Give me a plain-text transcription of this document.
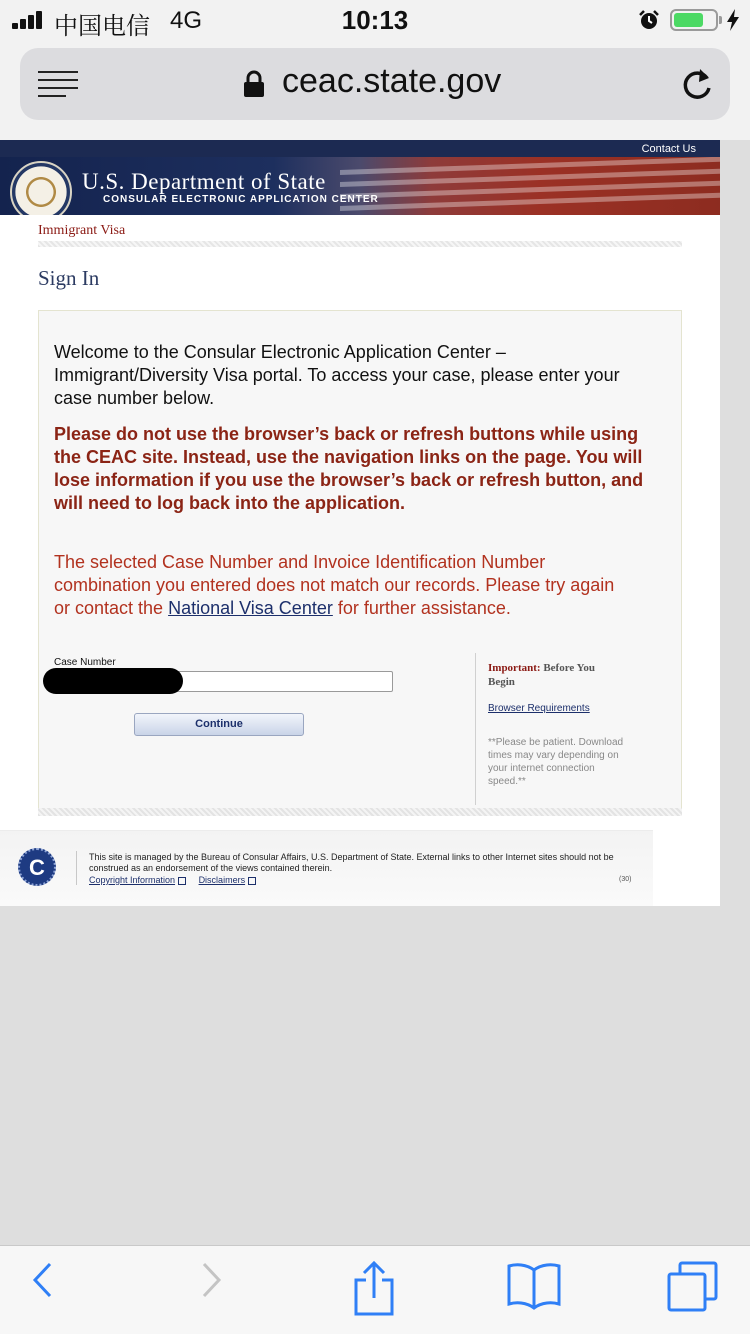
中国电信 4G	10:13
ceac.state.gov
Contact Us
U.S. Department of State
CONSULAR ELECTRONIC APPLICATION CENTER
Immigrant Visa
Sign In
Welcome to the Consular Electronic Application Center – Immigrant/Diversity Visa portal. To access your case, please enter your case number below.
Please do not use the browser’s back or refresh buttons while using the CEAC site. Instead, use the navigation links on the page. You will lose information if you use the browser’s back or refresh button, and will need to log back into the application.
The selected Case Number and Invoice Identification Number combination you entered does not match our records. Please try again or contact the National Visa Center for further assistance.
Case Number
Continue
Important: Before You Begin
Browser Requirements
**Please be patient. Download times may vary depending on your internet connection speed.**
C	This site is managed by the Bureau of Consular Affairs, U.S. Department of State. External links to other Internet sites should not be construed as an endorsement of the views contained therein.
Copyright Information	Disclaimers	(30)
